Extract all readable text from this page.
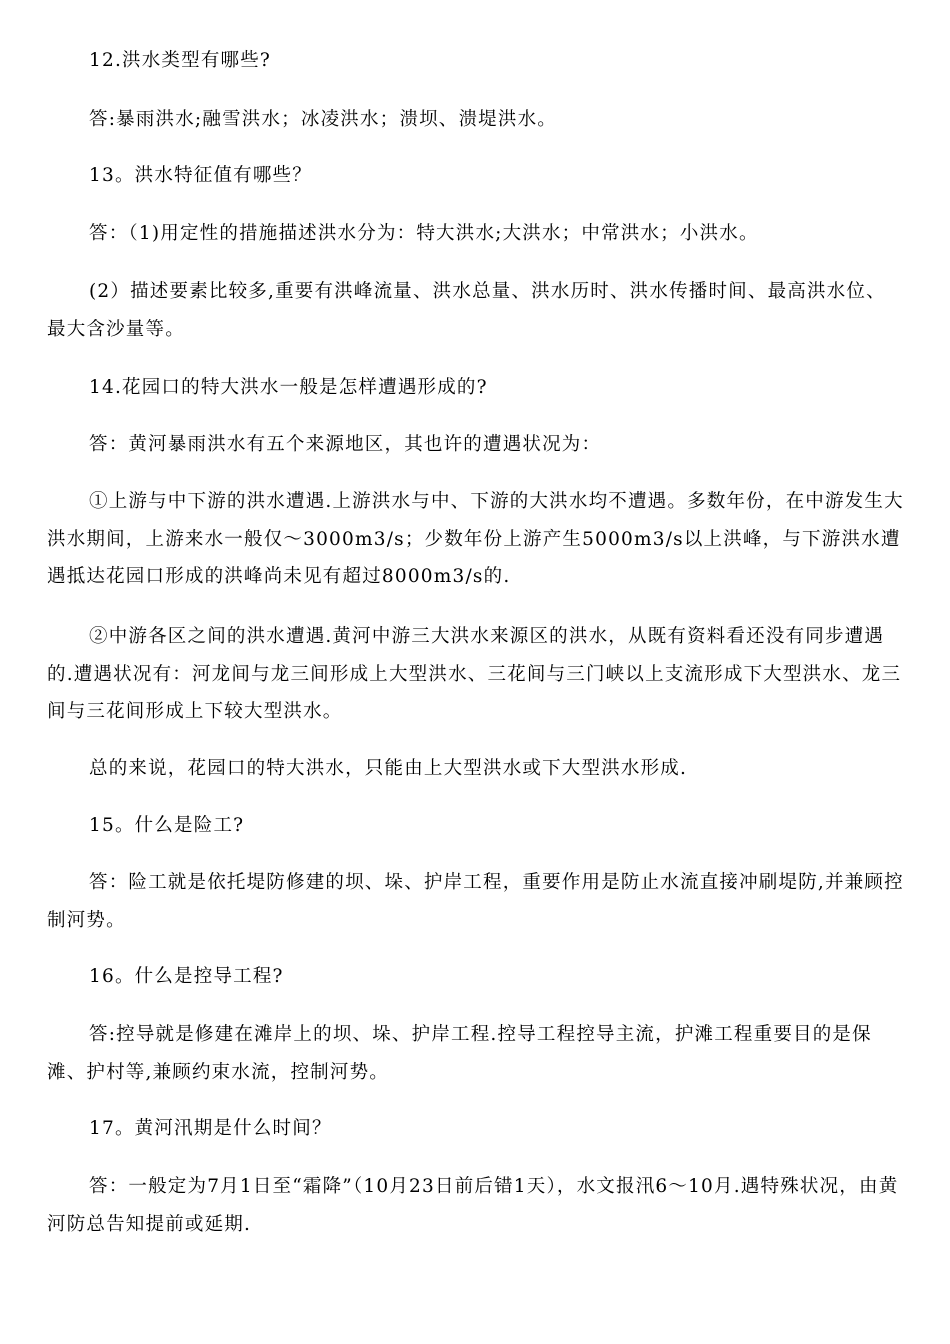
12.洪水类型有哪些?

答:暴雨洪水;融雪洪水；冰凌洪水；溃坝、溃堤洪水。

13。洪水特征值有哪些？

答：（1)用定性的措施描述洪水分为：特大洪水;大洪水；中常洪水；小洪水。

(2）描述要素比较多,重要有洪峰流量、洪水总量、洪水历时、洪水传播时间、最高洪水位、最大含沙量等。

14.花园口的特大洪水一般是怎样遭遇形成的?

答：黄河暴雨洪水有五个来源地区，其也许的遭遇状况为：

①上游与中下游的洪水遭遇.上游洪水与中、下游的大洪水均不遭遇。多数年份，在中游发生大洪水期间，上游来水一般仅～3000m3/s；少数年份上游产生5000m3/s以上洪峰，与下游洪水遭遇抵达花园口形成的洪峰尚未见有超过8000m3/s的.

②中游各区之间的洪水遭遇.黄河中游三大洪水来源区的洪水，从既有资料看还没有同步遭遇的.遭遇状况有：河龙间与龙三间形成上大型洪水、三花间与三门峡以上支流形成下大型洪水、龙三间与三花间形成上下较大型洪水。

总的来说，花园口的特大洪水，只能由上大型洪水或下大型洪水形成.

15。什么是险工?

答：险工就是依托堤防修建的坝、垛、护岸工程，重要作用是防止水流直接冲刷堤防,并兼顾控制河势。

16。什么是控导工程?

答:控导就是修建在滩岸上的坝、垛、护岸工程.控导工程控导主流，护滩工程重要目的是保滩、护村等,兼顾约束水流，控制河势。

17。黄河汛期是什么时间？

答：一般定为7月1日至“霜降”（10月23日前后错1天），水文报汛6～10月.遇特殊状况，由黄河防总告知提前或延期.
